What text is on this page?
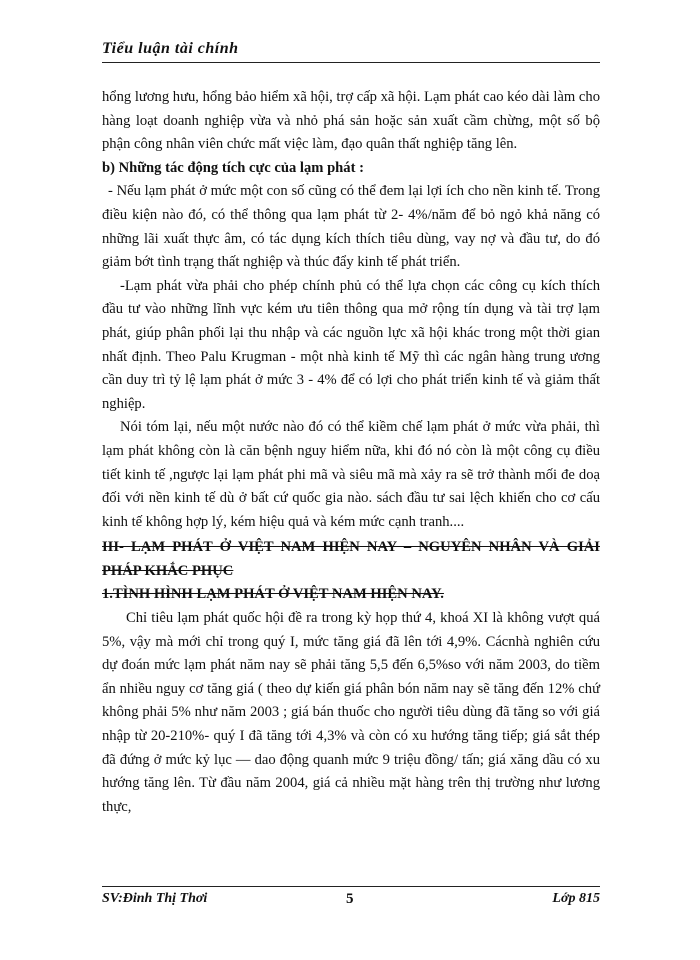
Tiểu luận tài chính

hổng lương hưu, hổng bảo hiểm xã hội, trợ cấp xã hội. Lạm phát cao kéo dài làm cho hàng loạt doanh nghiệp vừa và nhỏ phá sản hoặc sản xuất cầm chừng, một số bộ phận công nhân viên chức mất việc làm, đạo quân thất nghiệp tăng lên.

b) Những tác động tích cực của lạm phát :

- Nếu lạm phát ở mức một con số cũng có thể đem lại lợi ích cho nền kinh tế. Trong điều kiện nào đó, có thể thông qua lạm phát từ 2- 4%/năm để bỏ ngỏ khả năng có những lãi xuất thực âm, có tác dụng kích thích tiêu dùng, vay nợ và đầu tư, do đó giảm bớt tình trạng thất nghiệp và thúc đẩy kinh tế phát triển.

-Lạm phát vừa phải cho phép chính phủ có thể lựa chọn các công cụ kích thích đầu tư vào những lĩnh vực kém ưu tiên thông qua mở rộng tín dụng và tài trợ lạm phát, giúp phân phối lại thu nhập và các nguồn lực xã hội khác trong một thời gian nhất định. Theo Palu Krugman - một nhà kinh tế Mỹ thì các ngân hàng trung ương cần duy trì tỷ lệ lạm phát ở mức 3 - 4% để có lợi cho phát triển kinh tế và giảm thất nghiệp.

Nói tóm lại, nếu một nước nào đó có thể kiềm chế lạm phát ở mức vừa phải, thì lạm phát không còn là căn bệnh nguy hiểm nữa, khi đó nó còn là một công cụ điều tiết kinh tế ,ngược lại lạm phát phi mã và siêu mã mà xảy ra sẽ trở thành mối đe doạ đối với nền kinh tế dù ở bất cứ quốc gia nào. sách đầu tư sai lệch khiến cho cơ cấu kinh tế không hợp lý, kém hiệu quả và kém mức cạnh tranh....

III- LẠM PHÁT Ở VIỆT NAM HIỆN NAY – NGUYÊN NHÂN VÀ GIẢI PHÁP KHẮC PHỤC

1.TÌNH HÌNH LẠM PHÁT Ở VIỆT NAM HIỆN NAY.

Chỉ tiêu lạm phát quốc hội đề ra trong kỳ họp thứ 4, khoá XI là không vượt quá 5%, vậy mà mới chỉ trong quý I, mức tăng giá đã lên tới 4,9%. Cácnhà nghiên cứu dự đoán mức lạm phát năm nay sẽ phải tăng 5,5 đến 6,5%so với năm 2003, do tiềm ẩn nhiều nguy cơ tăng giá ( theo dự kiến giá phân bón năm nay sẽ tăng đến 12% chứ không phải 5% như năm 2003 ; giá bán thuốc cho người tiêu dùng đã tăng so với giá nhập từ 20-210%- quý I đã tăng tới 4,3% và còn có xu hướng tăng tiếp; giá sắt thép đã đứng ở mức kỷ lục — dao động quanh mức 9 triệu đồng/ tấn; giá xăng dầu có xu hướng tăng lên. Từ đầu năm 2004, giá cả nhiều mặt hàng trên thị trường như lương thực,

SV:Đinh Thị Thơi	5	Lớp 815
